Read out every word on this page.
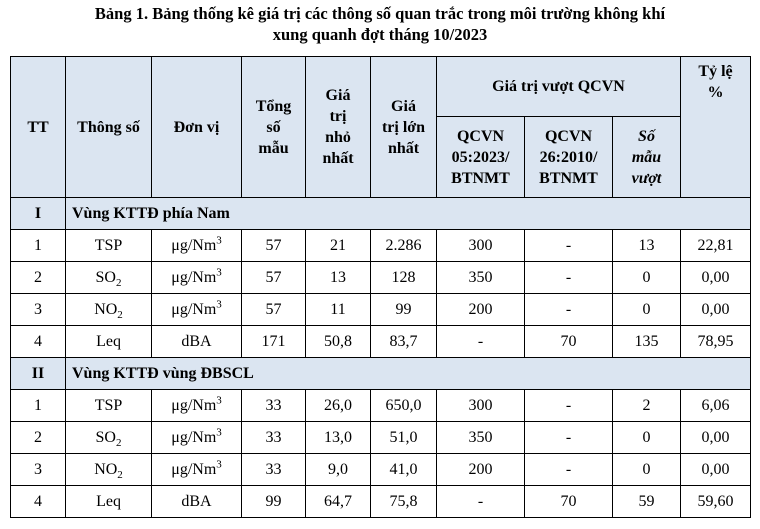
Bảng 1. Bảng thống kê giá trị các thông số quan trắc trong môi trường không khí
xung quanh đợt tháng 10/2023
TT	Thông số	Đơn vị	Tổng
số
mẫu	Giá
trị
nhỏ
nhất	Giá
trị lớn
nhất	Giá trị vượt QCVN			Tỷ lệ
%
						QCVN
05:2023/
BTNMT	QCVN
26:2010/
BTNMT	Số
mẫu
vượt	
I	Vùng KTTĐ phía Nam								
1	TSP	μg/Nm$^3$	57	21	2.286	300	-	13	22,81
2	$SO_2$	μg/Nm$^3$	57	13	128	350	-	0	0,00
3	$NO_2$	μg/Nm$^3$	57	11	99	200	-	0	0,00
4	Leq	dBA	171	50,8	83,7	-	70	135	78,95
II	Vùng KTTĐ vùng ĐBSCL								
1	TSP	μg/Nm$^3$	33	26,0	650,0	300	-	2	6,06
2	$SO_2$	μg/Nm$^3$	33	13,0	51,0	350	-	0	0,00
3	$NO_2$	μg/Nm$^3$	33	9,0	41,0	200	-	0	0,00
4	Leq	dBA	99	64,7	75,8	-	70	59	59,60
